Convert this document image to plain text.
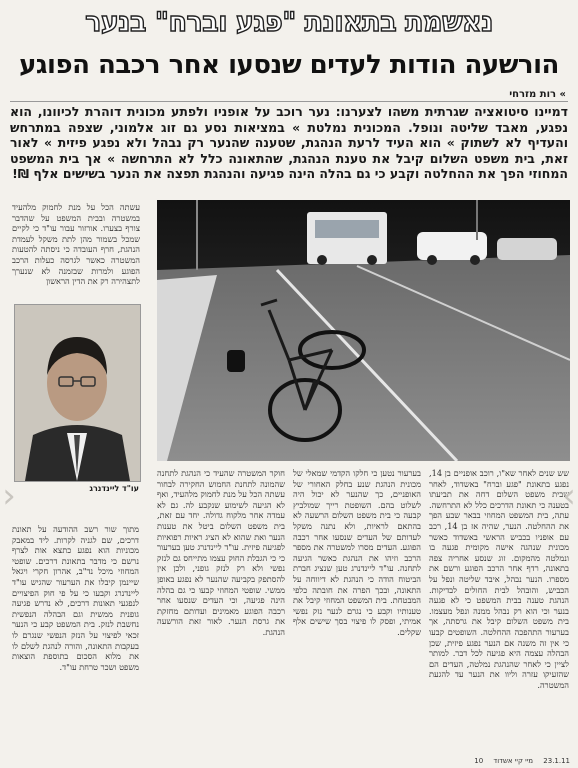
נאשמת בתאונת "פגע וברח" בנער
הורשעה הודות לעדים שנסעו אחר רכבה הפוגע
» רות מזרחי
דמיינו סיטואציה שגרתית משהו לצערנו: נער רוכב על אופניו ולפתע מכונית דוהרת לכיוונו, הוא נפגע, מאבד שליטה ונופל. המכונית נמלטת » במציאות נסע גם זוג אלמוני, שצפה במתרחש והעדיף לא לשתוק » הוא העיד לרעת הנהגת, שטענה שהנער רק נבהל ולא נפגע פיזית » לאור זאת, בית משפט השלום קיבל את טענת הנהגת, שהתאונה כלל לא התרחשה » אך בית המשפט המחוזי הפך את ההחלטה וקבע כי גם בהלה הינה פגיעה והנהגת תפצה את הנער בשישים אלף ₪!
עשתה הכל על מנת לחמוק מלהעיד במשטרה ובבית המשפט על שהדבר צורף בצערו. אורזור עבור עו"ד כי לקיים שמכל בשמור מהן לתת משקל לעמדת הנהגת, חרף העובדה כי ניסתה להטעות המשטרה כאשר לגרסה כעלות הרכב הפוגע ולמרות שבזמנה לא שנערך לתצהירה רק את הדין הראשון
עו"ד ליינדנרג
מתוך שור רשב ההודעה על תאונת דרכים, שם לגניה לקרות. ליד במאבק מכוניות הוא נפגע כתצא אות לצרף נרשם כי מדבר בתאונת דרכים. שופטי המחוזי מיכל נד"ב, אהרון חקרי ויגאל שיינמן קיבלו את הערעור שהגיש עו"ד ליינדנרג וקבעו כי על פי חוק הפיצויים לנפגעי תאונות דרכים, לא נדרש פגיעה גופנית ממשית וגם הבהלה הנפשית נחשבת לנזק. בית המשפט קבע כי הנער זכאי לפיצוי על הנזק הנפשי שנגרם לו בעקבות התאונה, והורה לנהגת לשלם לו את מלוא הסכום בתוספת הוצאות משפט ושכר טרחת עו"ד.
חוקר המשטרה שהעיד כי הנהגת לתחנה שהמונה לתחנת החמוש החקירה לבחור עשתה הכל על מנת לחמוק מלהעיד, ואף לא הגיעה לשימוע שנקבע לה. גם לא עמדה אחר מלקוח גדולה. יחד עם זאת, בית משפט השלום ביטל את טענות הנער ואת שהוא לא הציג ראיות רפואיות לפגיעה פיזית. עו"ד ליינדנרג טען בערעור כי כי הגבלת החוק עצמו מתייחס גם לנזק נפשי ולא רק לנזק גופני, ולכן אין להסתפק בקביעה שהנער לא נפגע באופן ממשי. שופטי המחוזי קבעו כי גם בהלה הינה פגיעה, וכי העדים שנסעו אחר רכבה הפוגע מאמינים ועדותם מחזקת את גרסת הנער. לאור זאת הורשעה הנהגת.
בערעור נטען כי חלקו הקדמי שמאלי של מכונית הנהגת שנע בחלק האחורי של האופניים, כך שהנער לא יכול היה לשלוט בהם. השופטת רייך שמולביץ קבעה כי בית משפט השלום הרשעה לא בהתאם לראיות, ולא נתנה משקל לעדותם של העדים שנסעו אחר רכבה הפוגע. העדים מסרו למשטרה את מספר הרכב וזיהו את הנהגת כאשר הגיעה לתחנה. עו"ד ליינדנרג טען שנציג חברת הביטוח הודה כי הנהגת לא דיווחה על התאונה, ובכך הפרה את חובתה כלפי המבטחת. בית המשפט המחוזי קיבל את טענותיו וקבע כי נגרם לנער נזק נפשי אמיתי, ופסק לו פיצוי בסך שישים אלף שקלים.
שש שנים לאחר שא"ו, רוכב אופניים בן 14, נפגע בתאונת "פגע וברח" באשדוד, לאחר שבית משפט השלום דחה את תביעתו בטענה כי תאונת הדרכים כלל לא התרחשה. עתה, בית המשפט המחוזי בבאר שבע הפך את ההחלטה. הנער, שהיה אז בן 14, רכב עם אופניו בכביש הראשי באשדוד כאשר מכונית שנהגה אישה מקומית פגעה בו ונמלטה מהמקום. זוג שנסע אחריה צפה בתאונה, רדף אחר הרכב הפוגע ורשם את מספרו. הנער נבהל, איבד שליטה ונפל על הכביש, והובהל לבית החולים לבדיקות. הנהגת טענה בבית המשפט כי לא פגעה בנער וכי הוא רק נבהל ממנה ונפל מעצמו. בית משפט השלום קיבל את גרסתה, אך בערעור התהפכה ההחלטה. השופטים קבעו כי אין זה משנה אם הנער נפגע פיזית, שכן הבהלה עצמה היא פגיעה לכל דבר. למותר לציין כי לאחר שהנהגת נמלטה, העדים הם שהזעיקו עזרה וליוו את הנער עד להגעת המשטרה.
‹	›
23.1.11 מיי קיי אשדוד 10
